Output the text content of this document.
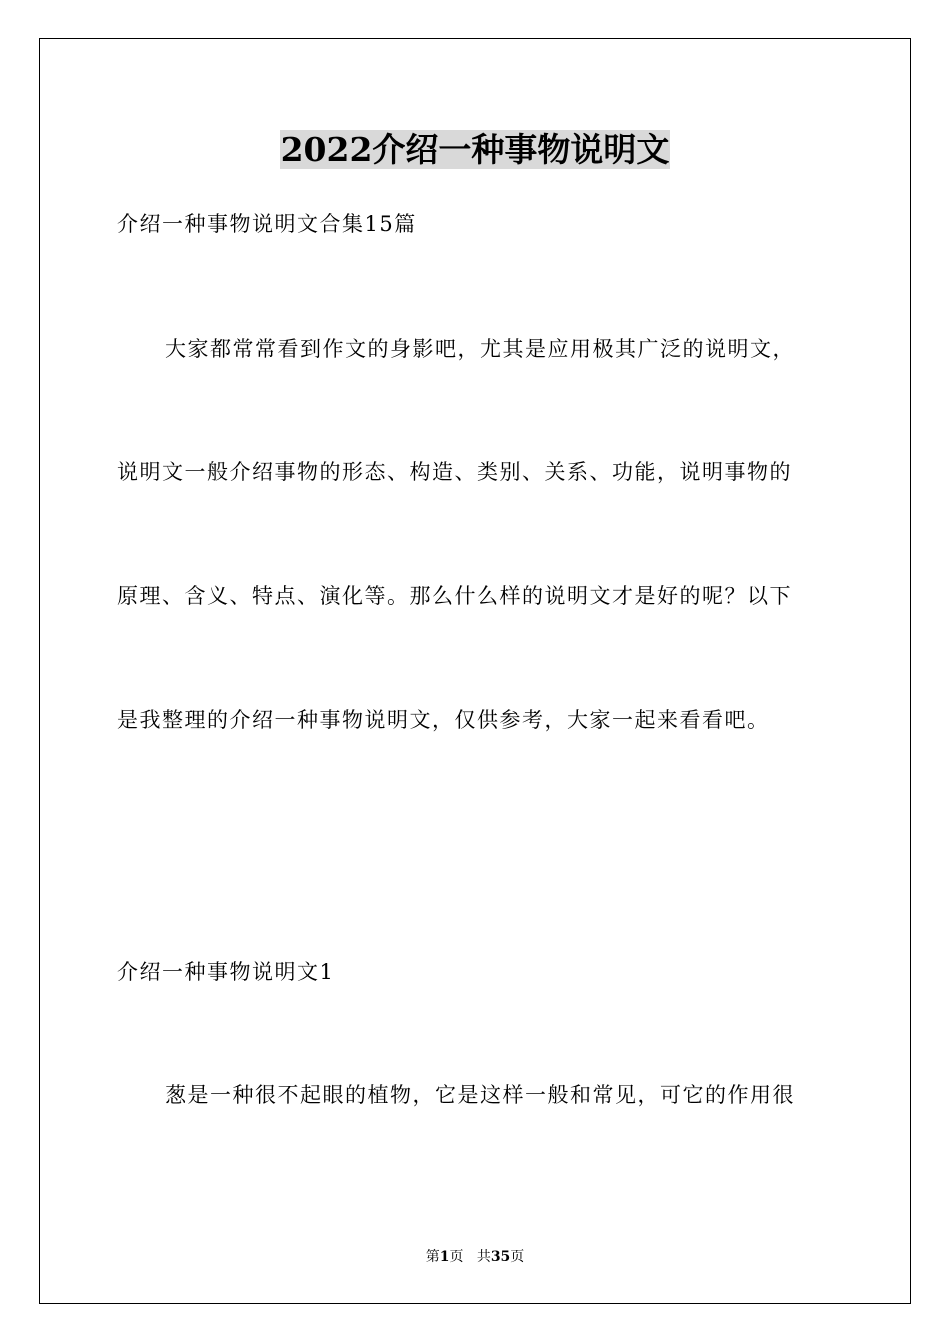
2022介绍一种事物说明文
介绍一种事物说明文合集15篇
大家都常常看到作文的身影吧，尤其是应用极其广泛的说明文，
说明文一般介绍事物的形态、构造、类别、关系、功能，说明事物的
原理、含义、特点、演化等。那么什么样的说明文才是好的呢？以下
是我整理的介绍一种事物说明文，仅供参考，大家一起来看看吧。
介绍一种事物说明文1
葱是一种很不起眼的植物，它是这样一般和常见，可它的作用很
第1页 共35页
